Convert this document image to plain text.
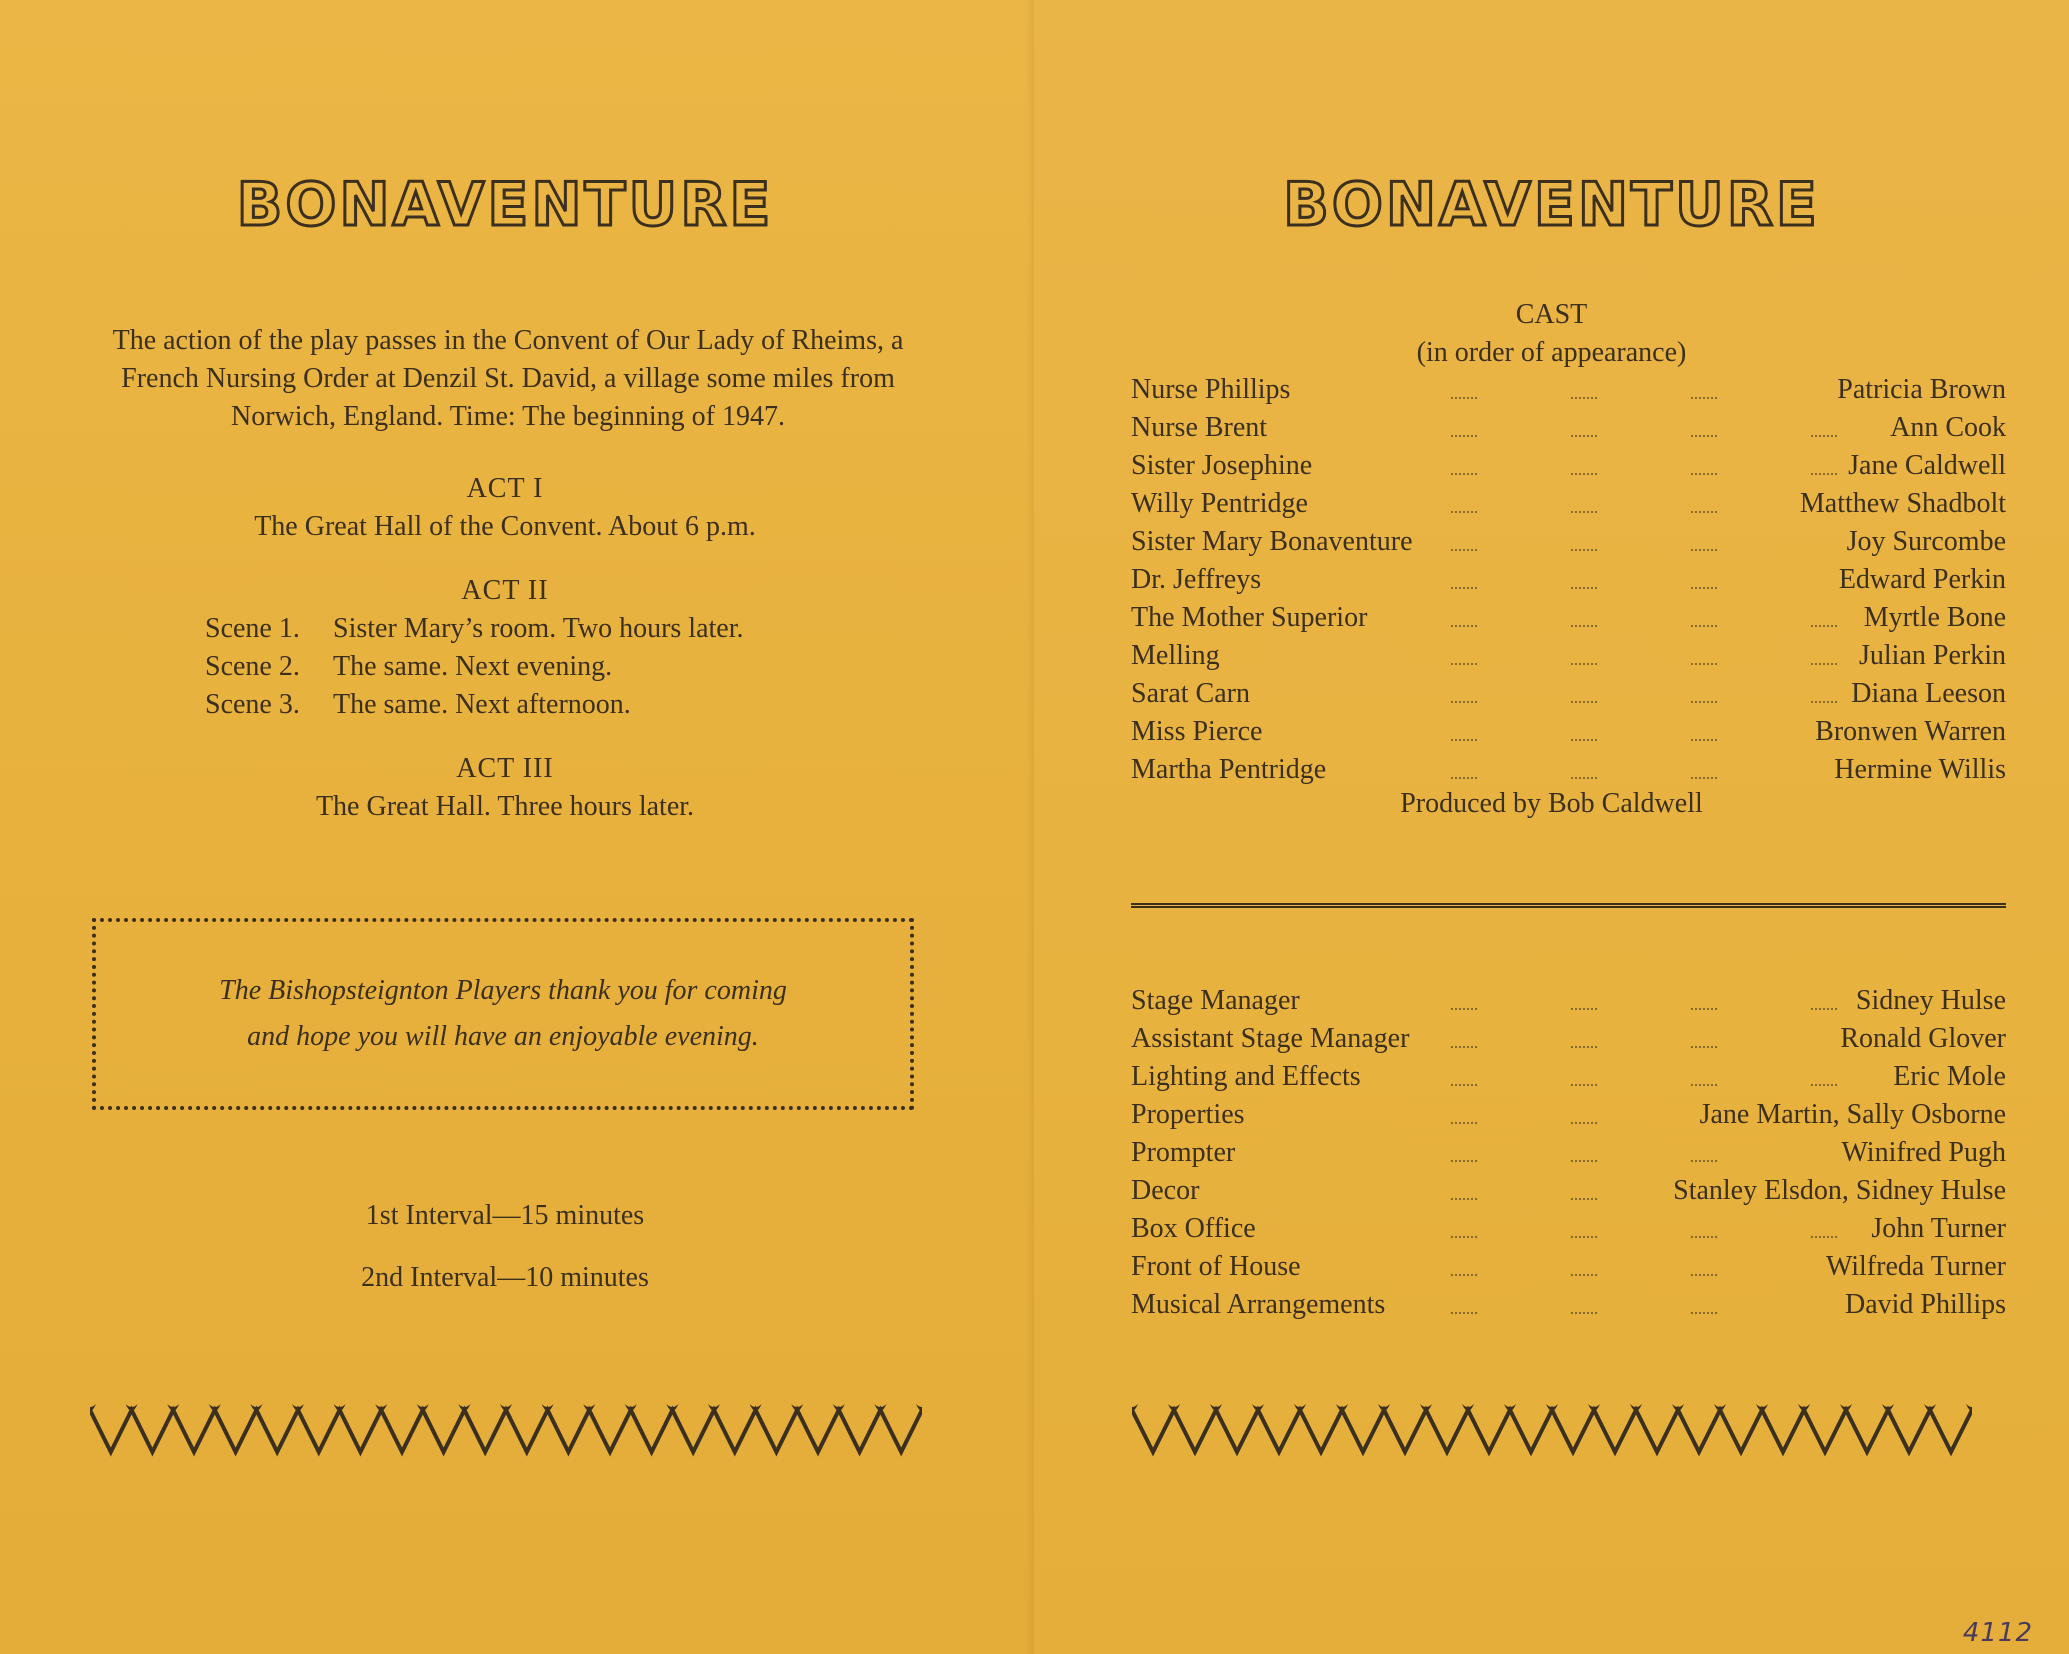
BONAVENTURE
The action of the play passes in the Convent of Our Lady of Rheims, a French Nursing Order at Denzil St. David, a village some miles from Norwich, England. Time: The beginning of 1947.
ACT I
The Great Hall of the Convent. About 6 p.m.
ACT II
Scene 1.	Sister Mary’s room. Two hours later.
Scene 2.	The same. Next evening.
Scene 3.	The same. Next afternoon.
ACT III
The Great Hall. Three hours later.
The Bishopsteignton Players thank you for coming
and hope you will have an enjoyable evening.
1st Interval—15 minutes
2nd Interval—10 minutes
BONAVENTURE
CAST
(in order of appearance)
Nurse Phillips	Patricia Brown
Nurse Brent	Ann Cook
Sister Josephine	Jane Caldwell
Willy Pentridge	Matthew Shadbolt
Sister Mary Bonaventure	Joy Surcombe
Dr. Jeffreys	Edward Perkin
The Mother Superior	Myrtle Bone
Melling	Julian Perkin
Sarat Carn	Diana Leeson
Miss Pierce	Bronwen Warren
Martha Pentridge	Hermine Willis
Produced by Bob Caldwell
Stage Manager	Sidney Hulse
Assistant Stage Manager	Ronald Glover
Lighting and Effects	Eric Mole
Properties	Jane Martin, Sally Osborne
Prompter	Winifred Pugh
Decor	Stanley Elsdon, Sidney Hulse
Box Office	John Turner
Front of House	Wilfreda Turner
Musical Arrangements	David Phillips
4112
